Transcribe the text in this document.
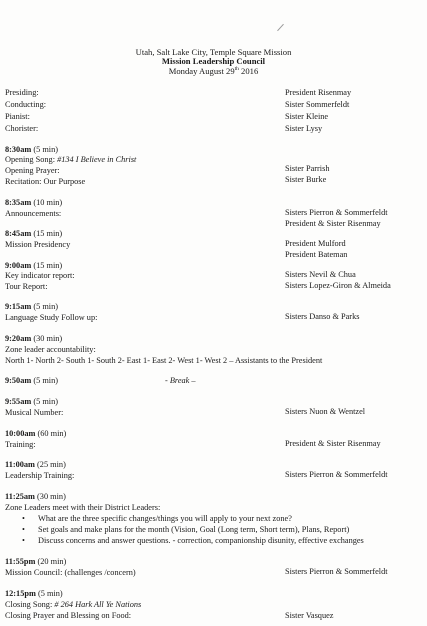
Utah, Salt Lake City, Temple Square Mission
Mission Leadership Council
Monday August 29th 2016
Presiding:	President Risenmay
Conducting:	Sister Sommerfeldt
Pianist:	Sister Kleine
Chorister:	Sister Lysy
8:30am (5 min)
Opening Song: #134 I Believe in Christ
Opening Prayer:	Sister Parrish
Recitation: Our Purpose	Sister Burke
8:35am (10 min)
Announcements:	Sisters Pierron & Sommerfeldt
President & Sister Risenmay
8:45am (15 min)
Mission Presidency	President Mulford
President Bateman
9:00am (15 min)
Key indicator report:	Sisters Nevil & Chua
Tour Report:	Sisters Lopez-Giron & Almeida
9:15am (5 min)
Language Study Follow up:	Sisters Danso & Parks
9:20am (30 min)
Zone leader accountability:
North 1- North 2- South 1- South 2- East 1- East 2- West 1- West 2 – Assistants to the President
9:50am (5 min)	- Break –
9:55am (5 min)
Musical Number:	Sisters Nuon & Wentzel
10:00am (60 min)
Training:	President & Sister Risenmay
11:00am (25 min)
Leadership Training:	Sisters Pierron & Sommerfeldt
11:25am (30 min)
Zone Leaders meet with their District Leaders:
• What are the three specific changes/things you will apply to your next zone?
• Set goals and make plans for the month (Vision, Goal (Long term, Short term), Plans, Report)
• Discuss concerns and answer questions. - correction, companionship disunity, effective exchanges
11:55pm (20 min)
Mission Council: (challenges /concern)	Sisters Pierron & Sommerfeldt
12:15pm (5 min)
Closing Song: # 264 Hark All Ye Nations
Closing Prayer and Blessing on Food:	Sister Vasquez
